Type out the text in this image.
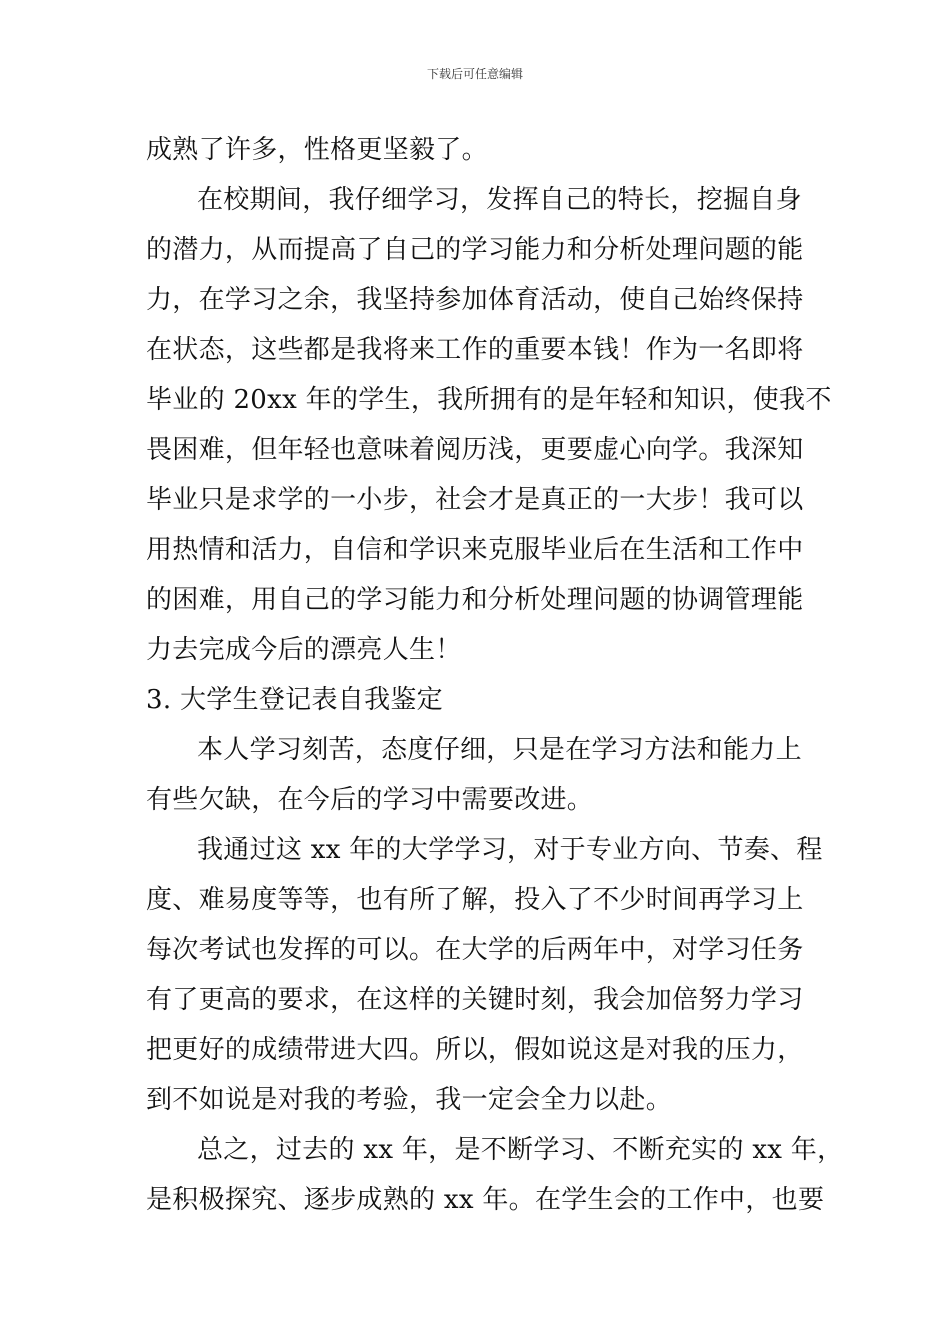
下载后可任意编辑
成熟了许多，性格更坚毅了。
在校期间，我仔细学习，发挥自己的特长，挖掘自身
的潜力，从而提高了自己的学习能力和分析处理问题的能
力，在学习之余，我坚持参加体育活动，使自己始终保持
在状态，这些都是我将来工作的重要本钱！作为一名即将
毕业的 20xx 年的学生，我所拥有的是年轻和知识，使我不
畏困难，但年轻也意味着阅历浅，更要虚心向学。我深知
毕业只是求学的一小步，社会才是真正的一大步！我可以
用热情和活力，自信和学识来克服毕业后在生活和工作中
的困难，用自己的学习能力和分析处理问题的协调管理能
力去完成今后的漂亮人生！
3. 大学生登记表自我鉴定
本人学习刻苦，态度仔细，只是在学习方法和能力上
有些欠缺，在今后的学习中需要改进。
我通过这 xx 年的大学学习，对于专业方向、节奏、程
度、难易度等等，也有所了解，投入了不少时间再学习上
每次考试也发挥的可以。在大学的后两年中，对学习任务
有了更高的要求，在这样的关键时刻，我会加倍努力学习
把更好的成绩带进大四。所以，假如说这是对我的压力，
到不如说是对我的考验，我一定会全力以赴。
总之，过去的 xx 年，是不断学习、不断充实的 xx 年，
是积极探究、逐步成熟的 xx 年。在学生会的工作中，也要
